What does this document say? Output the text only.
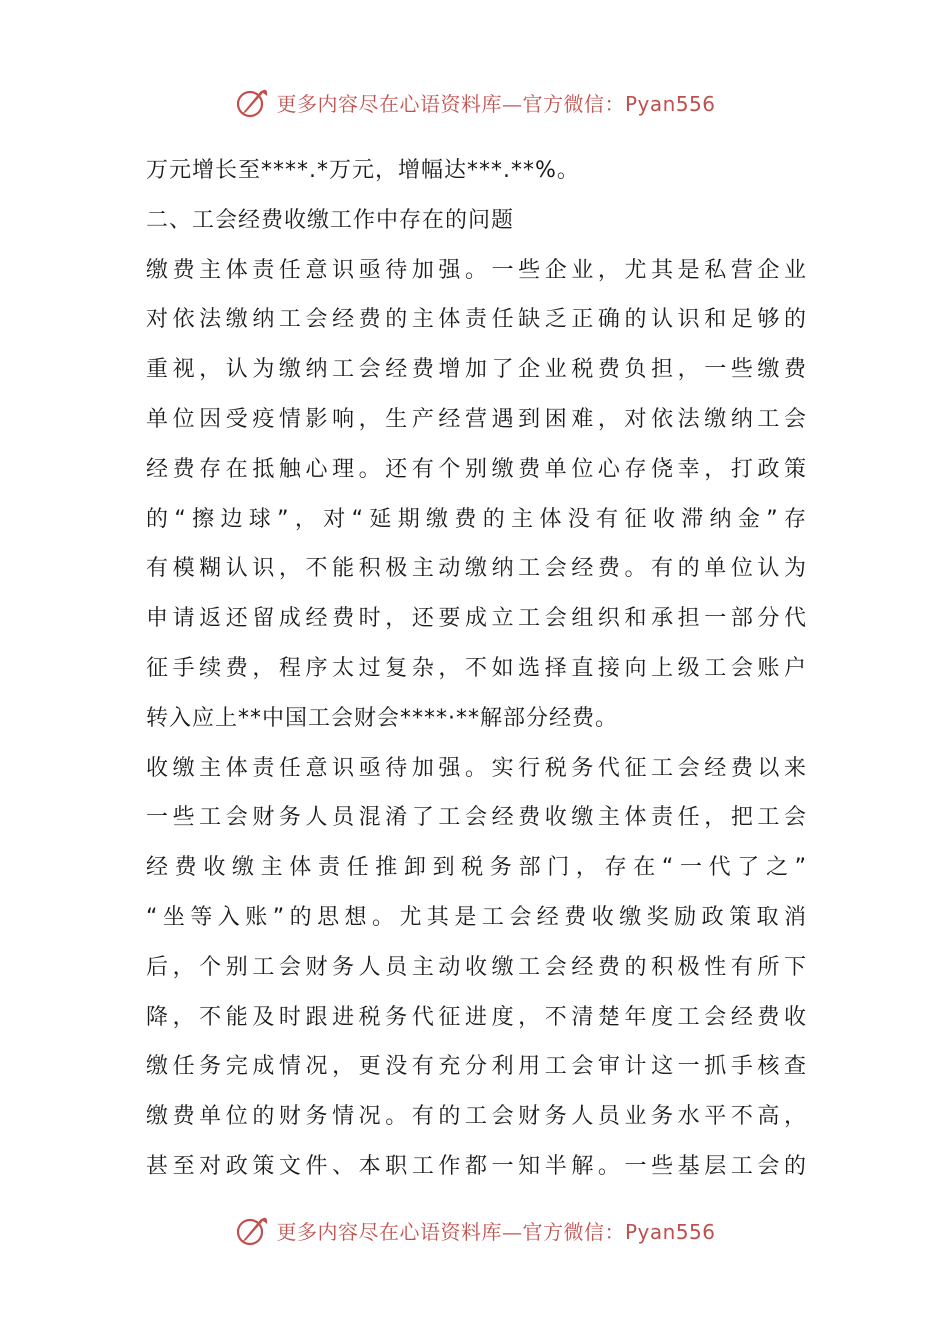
更多内容尽在心语资料库—官方微信：Pyan556
万元增长至****.*万元，增幅达***.**%。
二、工会经费收缴工作中存在的问题
缴费主体责任意识亟待加强。一些企业，尤其是私营企业
对依法缴纳工会经费的主体责任缺乏正确的认识和足够的
重视，认为缴纳工会经费增加了企业税费负担，一些缴费
单位因受疫情影响，生产经营遇到困难，对依法缴纳工会
经费存在抵触心理。还有个别缴费单位心存侥幸，打政策
的“擦边球”，对“延期缴费的主体没有征收滞纳金”存
有模糊认识，不能积极主动缴纳工会经费。有的单位认为
申请返还留成经费时，还要成立工会组织和承担一部分代
征手续费，程序太过复杂，不如选择直接向上级工会账户
转入应上**中国工会财会****·**解部分经费。
收缴主体责任意识亟待加强。实行税务代征工会经费以来
一些工会财务人员混淆了工会经费收缴主体责任，把工会
经费收缴主体责任推卸到税务部门，存在“一代了之”
“坐等入账”的思想。尤其是工会经费收缴奖励政策取消
后，个别工会财务人员主动收缴工会经费的积极性有所下
降，不能及时跟进税务代征进度，不清楚年度工会经费收
缴任务完成情况，更没有充分利用工会审计这一抓手核查
缴费单位的财务情况。有的工会财务人员业务水平不高，
甚至对政策文件、本职工作都一知半解。一些基层工会的
更多内容尽在心语资料库—官方微信：Pyan556
